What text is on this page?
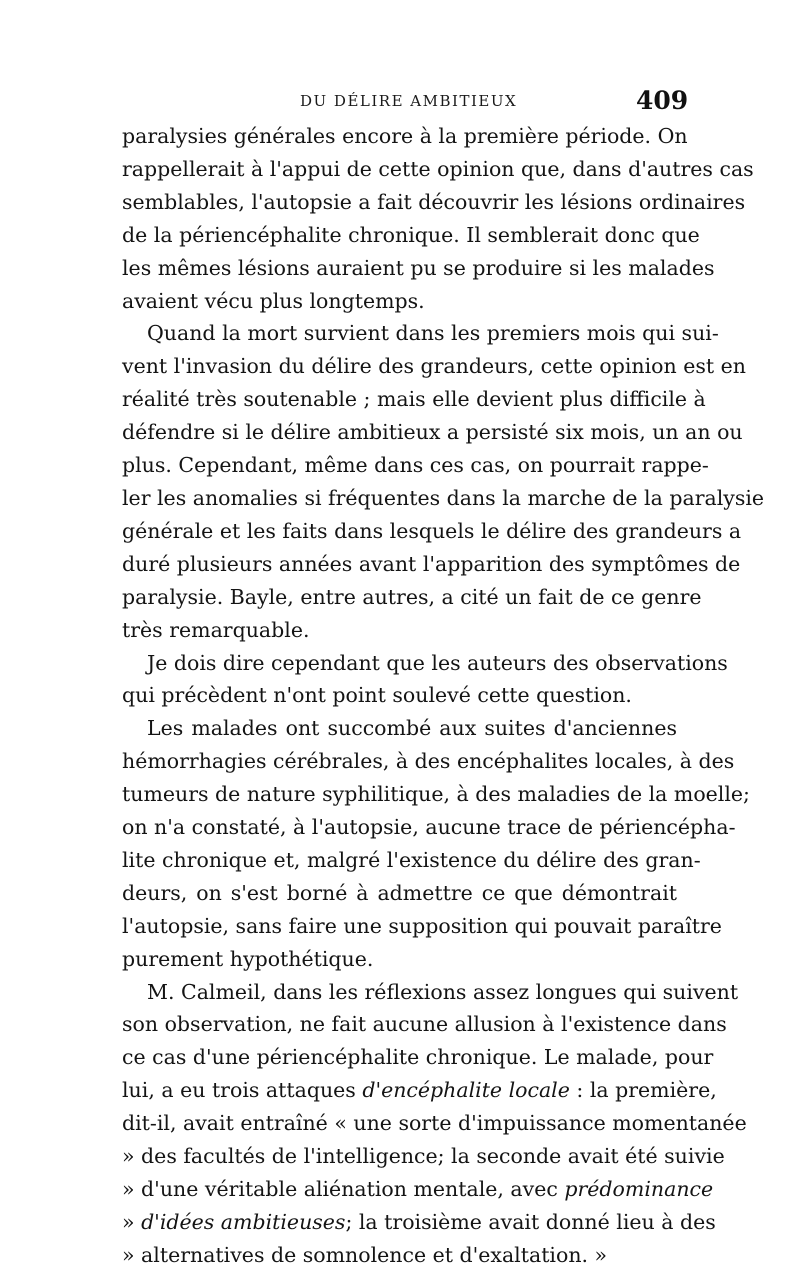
DU DÉLIRE AMBITIEUX	409
paralysies générales encore à la première période. On
rappellerait à l'appui de cette opinion que, dans d'autres cas
semblables, l'autopsie a fait découvrir les lésions ordinaires
de la périencéphalite chronique. Il semblerait donc que
les mêmes lésions auraient pu se produire si les malades
avaient vécu plus longtemps.
Quand la mort survient dans les premiers mois qui sui-
vent l'invasion du délire des grandeurs, cette opinion est en
réalité très soutenable ; mais elle devient plus difficile à
défendre si le délire ambitieux a persisté six mois, un an ou
plus. Cependant, même dans ces cas, on pourrait rappe-
ler les anomalies si fréquentes dans la marche de la paralysie
générale et les faits dans lesquels le délire des grandeurs a
duré plusieurs années avant l'apparition des symptômes de
paralysie. Bayle, entre autres, a cité un fait de ce genre
très remarquable.
Je dois dire cependant que les auteurs des observations
qui précèdent n'ont point soulevé cette question.
Les malades ont succombé aux suites d'anciennes
hémorrhagies cérébrales, à des encéphalites locales, à des
tumeurs de nature syphilitique, à des maladies de la moelle;
on n'a constaté, à l'autopsie, aucune trace de périencépha-
lite chronique et, malgré l'existence du délire des gran-
deurs, on s'est borné à admettre ce que démontrait
l'autopsie, sans faire une supposition qui pouvait paraître
purement hypothétique.
M. Calmeil, dans les réflexions assez longues qui suivent
son observation, ne fait aucune allusion à l'existence dans
ce cas d'une périencéphalite chronique. Le malade, pour
lui, a eu trois attaques d'encéphalite locale : la première,
dit-il, avait entraîné « une sorte d'impuissance momentanée
» des facultés de l'intelligence; la seconde avait été suivie
» d'une véritable aliénation mentale, avec prédominance
» d'idées ambitieuses; la troisième avait donné lieu à des
» alternatives de somnolence et d'exaltation. »
